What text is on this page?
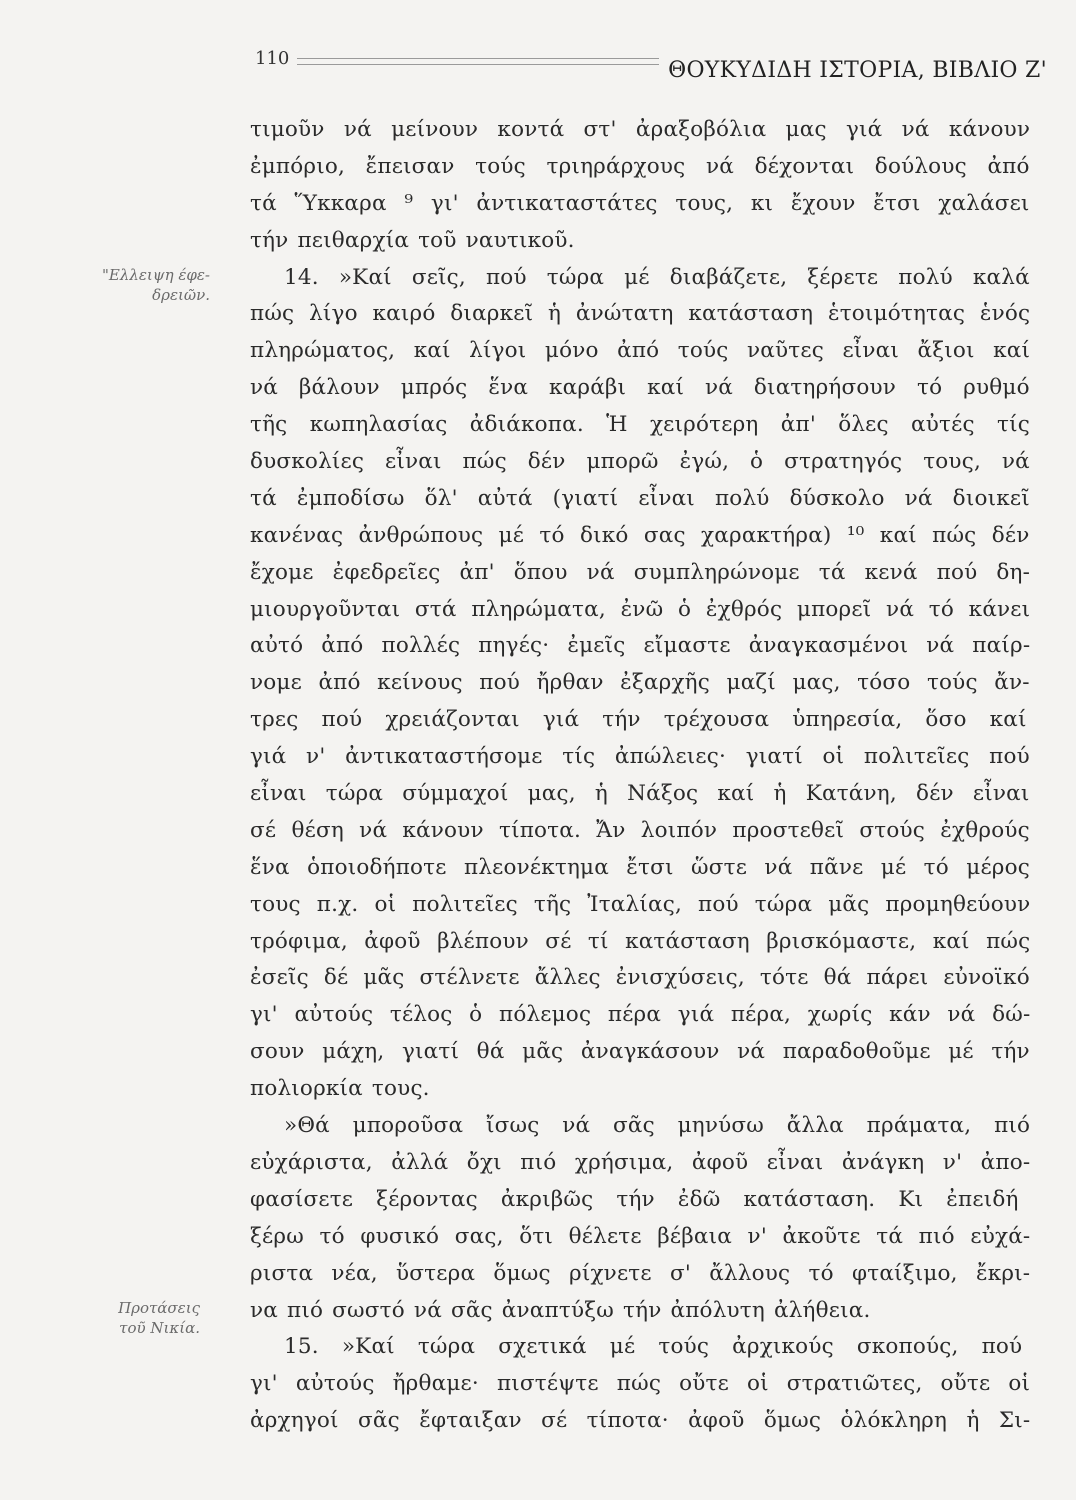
110	ΘΟΥΚΥΔΙΔΗ ΙΣΤΟΡΙΑ, ΒΙΒΛΙΟ Ζ'
"Ελλειψη έφε-
δρειῶν.
Προτάσεις
τοῦ Νικία.
τιμοῦν νά μείνουν κοντά στ' ἀραξοβόλια μας γιά νά κάνουν
ἐμπόριο, ἔπεισαν τούς τριηράρχους νά δέχονται δούλους ἀπό
τά Ὕκκαρα ⁹ γι' ἀντικαταστάτες τους, κι ἔχουν ἔτσι χαλάσει
τήν πειθαρχία τοῦ ναυτικοῦ.
14. »Καί σεῖς, πού τώρα μέ διαβάζετε, ξέρετε πολύ καλά
πώς λίγο καιρό διαρκεῖ ἡ ἀνώτατη κατάσταση ἑτοιμότητας ἑνός
πληρώματος, καί λίγοι μόνο ἀπό τούς ναῦτες εἶναι ἄξιοι καί
νά βάλουν μπρός ἕνα καράβι καί νά διατηρήσουν τό ρυθμό
τῆς κωπηλασίας ἀδιάκοπα. Ἡ χειρότερη ἀπ' ὅλες αὐτές τίς
δυσκολίες εἶναι πώς δέν μπορῶ ἐγώ, ὁ στρατηγός τους, νά
τά ἐμποδίσω ὅλ' αὐτά (γιατί εἶναι πολύ δύσκολο νά διοικεῖ
κανένας ἀνθρώπους μέ τό δικό σας χαρακτήρα) ¹⁰ καί πώς δέν
ἔχομε ἐφεδρεῖες ἀπ' ὅπου νά συμπληρώνομε τά κενά πού δη-
μιουργοῦνται στά πληρώματα, ἐνῶ ὁ ἐχθρός μπορεῖ νά τό κάνει
αὐτό ἀπό πολλές πηγές· ἐμεῖς εἴμαστε ἀναγκασμένοι νά παίρ-
νομε ἀπό κείνους πού ἤρθαν ἐξαρχῆς μαζί μας, τόσο τούς ἄν-
τρες πού χρειάζονται γιά τήν τρέχουσα ὑπηρεσία, ὅσο καί
γιά ν' ἀντικαταστήσομε τίς ἀπώλειες· γιατί οἱ πολιτεῖες πού
εἶναι τώρα σύμμαχοί μας, ἡ Νάξος καί ἡ Κατάνη, δέν εἶναι
σέ θέση νά κάνουν τίποτα. Ἄν λοιπόν προστεθεῖ στούς ἐχθρούς
ἕνα ὁποιοδήποτε πλεονέκτημα ἔτσι ὥστε νά πᾶνε μέ τό μέρος
τους π.χ. οἱ πολιτεῖες τῆς Ἰταλίας, πού τώρα μᾶς προμηθεύουν
τρόφιμα, ἀφοῦ βλέπουν σέ τί κατάσταση βρισκόμαστε, καί πώς
ἐσεῖς δέ μᾶς στέλνετε ἄλλες ἐνισχύσεις, τότε θά πάρει εὐνοϊκό
γι' αὐτούς τέλος ὁ πόλεμος πέρα γιά πέρα, χωρίς κάν νά δώ-
σουν μάχη, γιατί θά μᾶς ἀναγκάσουν νά παραδοθοῦμε μέ τήν
πολιορκία τους.
»Θά μποροῦσα ἴσως νά σᾶς μηνύσω ἄλλα πράματα, πιό
εὐχάριστα, ἀλλά ὄχι πιό χρήσιμα, ἀφοῦ εἶναι ἀνάγκη ν' ἀπο-
φασίσετε ξέροντας ἀκριβῶς τήν ἐδῶ κατάσταση. Κι ἐπειδή
ξέρω τό φυσικό σας, ὅτι θέλετε βέβαια ν' ἀκοῦτε τά πιό εὐχά-
ριστα νέα, ὕστερα ὅμως ρίχνετε σ' ἄλλους τό φταίξιμο, ἔκρι-
να πιό σωστό νά σᾶς ἀναπτύξω τήν ἀπόλυτη ἀλήθεια.
15. »Καί τώρα σχετικά μέ τούς ἀρχικούς σκοπούς, πού
γι' αὐτούς ἤρθαμε· πιστέψτε πώς οὔτε οἱ στρατιῶτες, οὔτε οἱ
ἀρχηγοί σᾶς ἔφταιξαν σέ τίποτα· ἀφοῦ ὅμως ὁλόκληρη ἡ Σι-
